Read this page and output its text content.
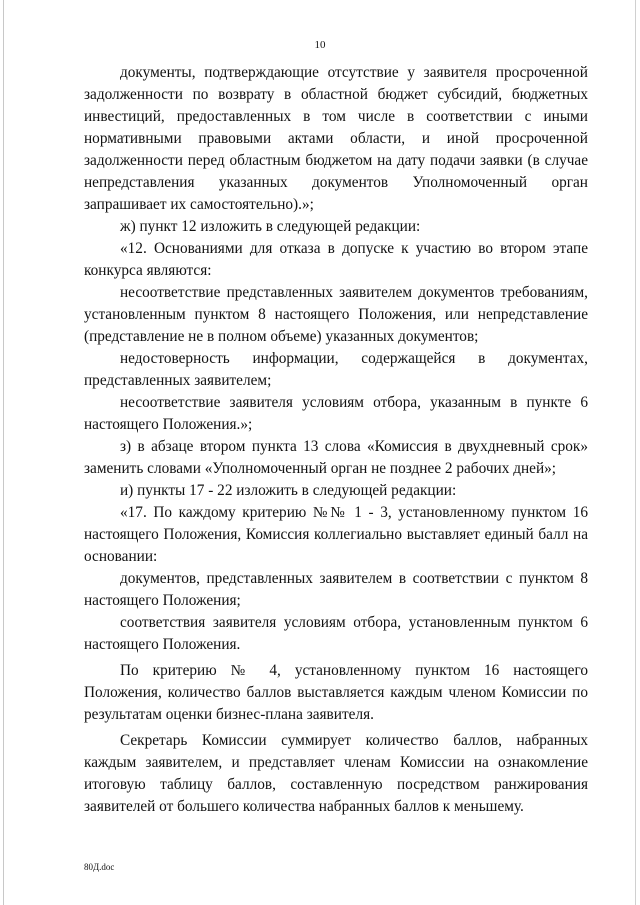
10

документы, подтверждающие отсутствие у заявителя просроченной задолженности по возврату в областной бюджет субсидий, бюджетных инвестиций, предоставленных в том числе в соответствии с иными нормативными правовыми актами области, и иной просроченной задолженности перед областным бюджетом на дату подачи заявки (в случае непредставления указанных документов Уполномоченный орган запрашивает их самостоятельно).»;

ж) пункт 12 изложить в следующей редакции:

«12. Основаниями для отказа в допуске к участию во втором этапе конкурса являются:

несоответствие представленных заявителем документов требованиям, установленным пунктом 8 настоящего Положения, или непредставление (представление не в полном объеме) указанных документов;

недостоверность информации, содержащейся в документах, представленных заявителем;

несоответствие заявителя условиям отбора, указанным в пункте 6 настоящего Положения.»;

з) в абзаце втором пункта 13 слова «Комиссия в двухдневный срок» заменить словами «Уполномоченный орган не позднее 2 рабочих дней»;

и) пункты 17 - 22 изложить в следующей редакции:

«17. По каждому критерию №№ 1 - 3, установленному пунктом 16 настоящего Положения, Комиссия коллегиально выставляет единый балл на основании:

документов, представленных заявителем в соответствии с пунктом 8 настоящего Положения;

соответствия заявителя условиям отбора, установленным пунктом 6 настоящего Положения.

По критерию № 4, установленному пунктом 16 настоящего Положения, количество баллов выставляется каждым членом Комиссии по результатам оценки бизнес-плана заявителя.

Секретарь Комиссии суммирует количество баллов, набранных каждым заявителем, и представляет членам Комиссии на ознакомление итоговую таблицу баллов, составленную посредством ранжирования заявителей от большего количества набранных баллов к меньшему.

80Д.doc
